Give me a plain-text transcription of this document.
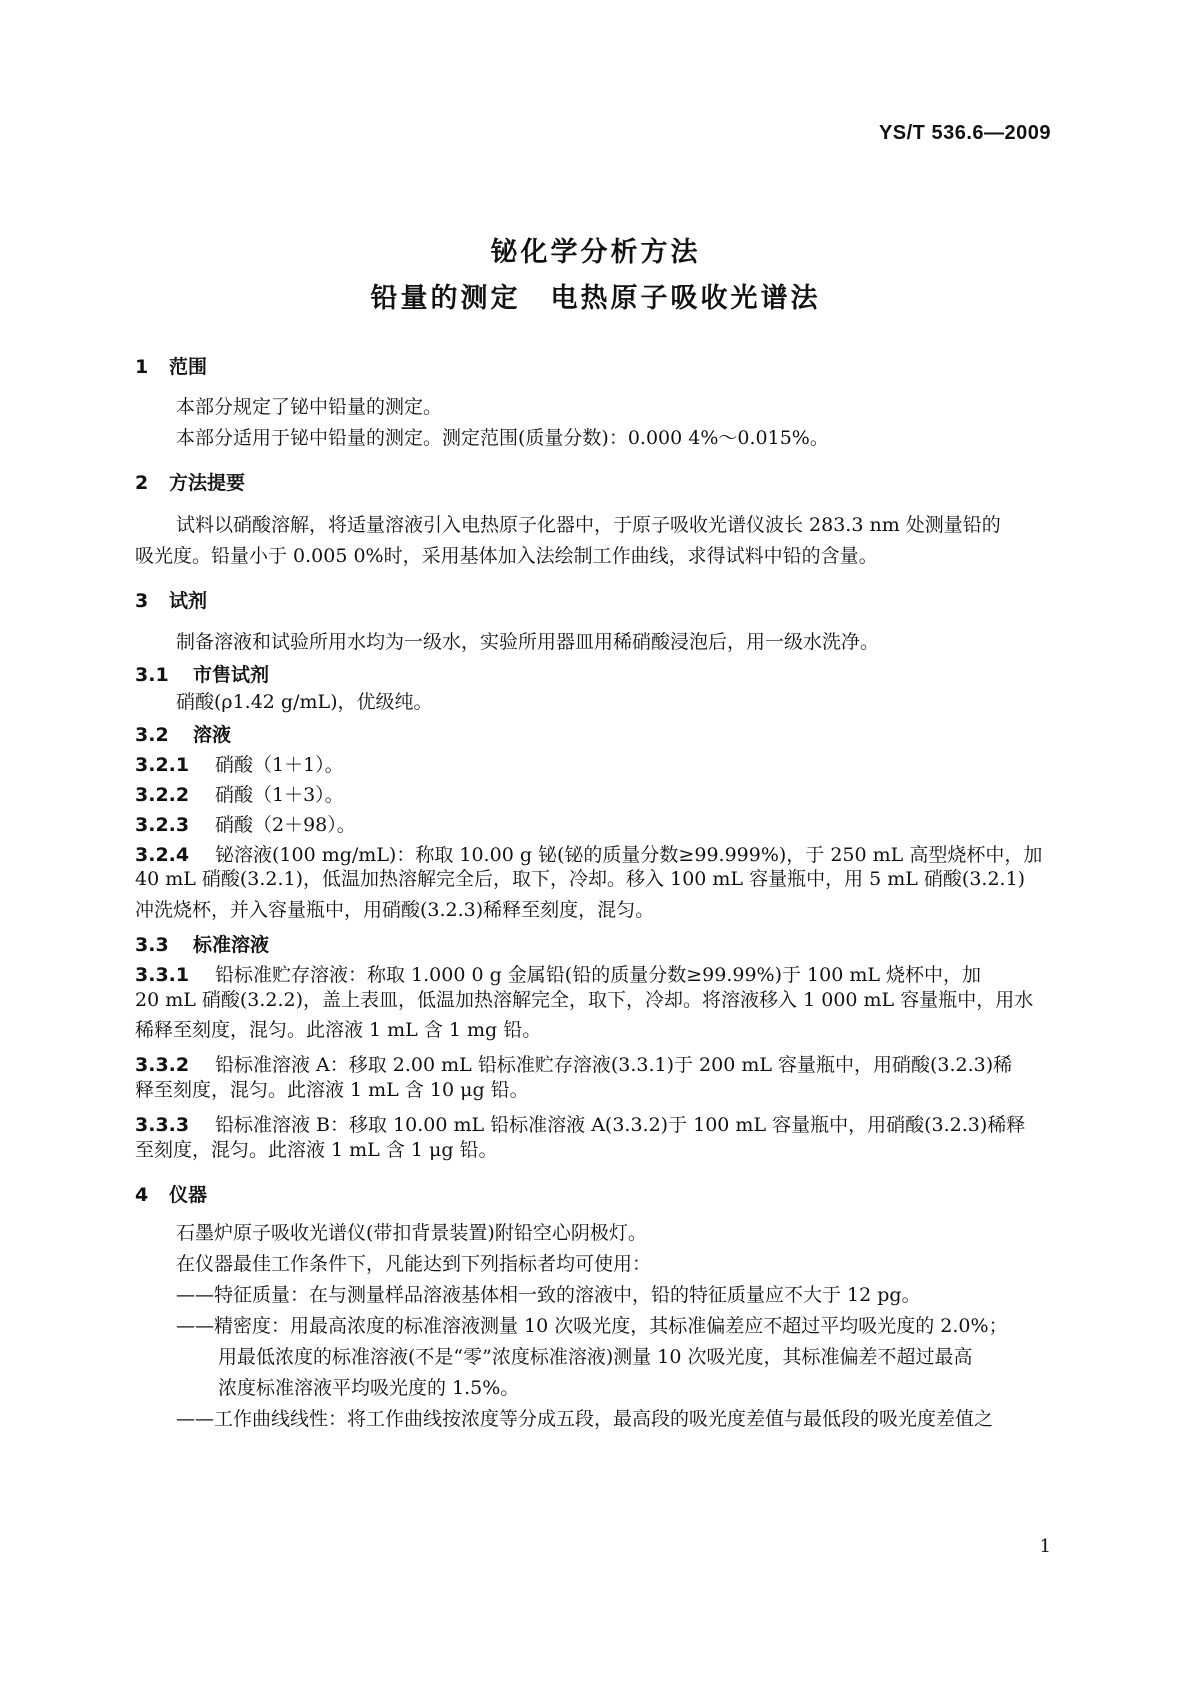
YS/T 536.6—2009
铋化学分析方法
铅量的测定　电热原子吸收光谱法
1 范围
本部分规定了铋中铅量的测定。
本部分适用于铋中铅量的测定。测定范围(质量分数)：0.000 4%～0.015%。
2 方法提要
试料以硝酸溶解，将适量溶液引入电热原子化器中，于原子吸收光谱仪波长 283.3 nm 处测量铅的
吸光度。铅量小于 0.005 0%时，采用基体加入法绘制工作曲线，求得试料中铅的含量。
3 试剂
制备溶液和试验所用水均为一级水，实验所用器皿用稀硝酸浸泡后，用一级水洗净。
3.1 市售试剂
硝酸(ρ1.42 g/mL)，优级纯。
3.2 溶液
3.2.1 硝酸（1＋1）。
3.2.2 硝酸（1＋3）。
3.2.3 硝酸（2＋98）。
3.2.4 铋溶液(100 mg/mL)：称取 10.00 g 铋(铋的质量分数≥99.999%)，于 250 mL 高型烧杯中，加
40 mL 硝酸(3.2.1)，低温加热溶解完全后，取下，冷却。移入 100 mL 容量瓶中，用 5 mL 硝酸(3.2.1)
冲洗烧杯，并入容量瓶中，用硝酸(3.2.3)稀释至刻度，混匀。
3.3 标准溶液
3.3.1 铅标准贮存溶液：称取 1.000 0 g 金属铅(铅的质量分数≥99.99%)于 100 mL 烧杯中，加
20 mL 硝酸(3.2.2)，盖上表皿，低温加热溶解完全，取下，冷却。将溶液移入 1 000 mL 容量瓶中，用水
稀释至刻度，混匀。此溶液 1 mL 含 1 mg 铅。
3.3.2 铅标准溶液 A：移取 2.00 mL 铅标准贮存溶液(3.3.1)于 200 mL 容量瓶中，用硝酸(3.2.3)稀
释至刻度，混匀。此溶液 1 mL 含 10 μg 铅。
3.3.3 铅标准溶液 B：移取 10.00 mL 铅标准溶液 A(3.3.2)于 100 mL 容量瓶中，用硝酸(3.2.3)稀释
至刻度，混匀。此溶液 1 mL 含 1 μg 铅。
4 仪器
石墨炉原子吸收光谱仪(带扣背景装置)附铅空心阴极灯。
在仪器最佳工作条件下，凡能达到下列指标者均可使用：
——特征质量：在与测量样品溶液基体相一致的溶液中，铅的特征质量应不大于 12 pg。
——精密度：用最高浓度的标准溶液测量 10 次吸光度，其标准偏差应不超过平均吸光度的 2.0%；
用最低浓度的标准溶液(不是“零”浓度标准溶液)测量 10 次吸光度，其标准偏差不超过最高
浓度标准溶液平均吸光度的 1.5%。
——工作曲线线性：将工作曲线按浓度等分成五段，最高段的吸光度差值与最低段的吸光度差值之
1
